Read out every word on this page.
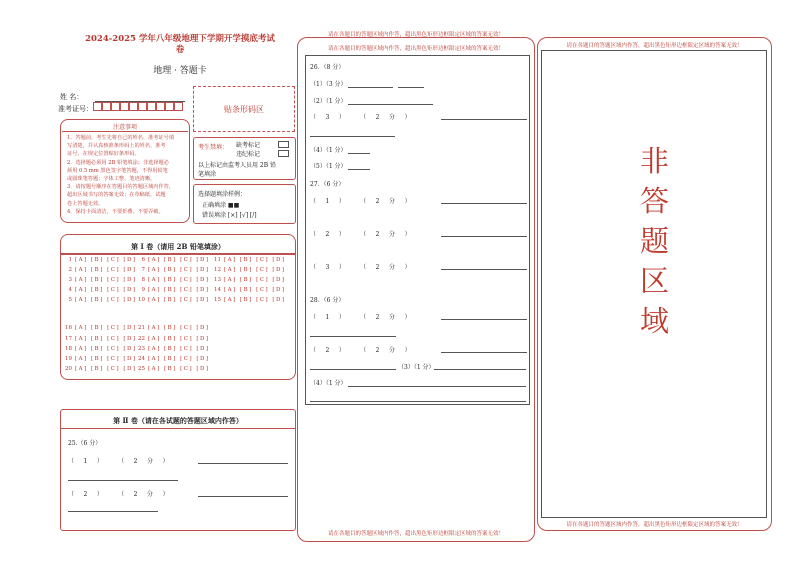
2024-2025 学年八年级地理下学期开学摸底考试
卷
地理 · 答题卡
姓 名：
准考证号：	贴条形码区
注意事项
1．答题前，考生先将自己的姓名、准考证号填
写清楚，并认真核准条形码上的姓名、准考
证号，在规定位置贴好条形码。
2．选择题必须用 2B 铅笔填涂；非选择题必
须用 0.5 mm 黑色签字笔答题，不得用铅笔
或圆珠笔答题；字体工整、笔迹清晰。
3．请按题号顺序在答题目的答题区域内作答，
超出区域书写的答案无效；在草稿纸、试题
卷上答题无效。
4．保持卡面清洁，不要折叠、不要弄破。
考生禁填： 缺考标记
违纪标记
以上标记由监考人员用 2B 铅
笔填涂
选择题填涂样例：
正确填涂 ■■
错误填涂 [×] [√] [/]
第 Ⅰ 卷（请用 2B 铅笔填涂）
1 [A] [B] [C] [D]
2 [A] [B] [C] [D]
3 [A] [B] [C] [D]
4 [A] [B] [C] [D]
5 [A] [B] [C] [D]
6 [A] [B] [C] [D]
7 [A] [B] [C] [D]
8 [A] [B] [C] [D]
9 [A] [B] [C] [D]
10 [A] [B] [C] [D]
11 [A] [B] [C] [D]
12 [A] [B] [C] [D]
13 [A] [B] [C] [D]
14 [A] [B] [C] [D]
15 [A] [B] [C] [D]
16 [A] [B] [C] [D]
17 [A] [B] [C] [D]
18 [A] [B] [C] [D]
19 [A] [B] [C] [D]
20 [A] [B] [C] [D]
21 [A] [B] [C] [D]
22 [A] [B] [C] [D]
23 [A] [B] [C] [D]
24 [A] [B] [C] [D]
25 [A] [B] [C] [D]
第 Ⅱ 卷（请在各试题的答题区域内作答）
25.（6 分）
（     1     ）        （     2     分     ）
（     2     ）        （     2     分     ）
请在各题目的答题区域内作答，超出黑色矩形边框限定区域的答案无效！
请在各题目的答题区域内作答，超出黑色矩形边框限定区域的答案无效！
请在各题目的答题区域内作答，超出黑色矩形边框限定区域的答案无效！
26．（8 分）
（1）（3 分）
（2）（1 分）
（     3     ）        （     2     分     ）
（4）（1 分）
（5）（1 分）
27．（6 分）
（     1     ）        （     2     分     ）
（     2     ）        （     2     分     ）
（     3     ）        （     2     分     ）
28．（6 分）
（     1     ）        （     2     分     ）
（     2     ）        （     2     分     ）
（3）（1 分）
（4）（1 分）
请在各题目的答题区域内作答，超出黑色矩形边框限定区域的答案无效！
请在各题目的答题区域内作答，超出黑色矩形边框限定区域的答案无效！
非
答
题
区
域
